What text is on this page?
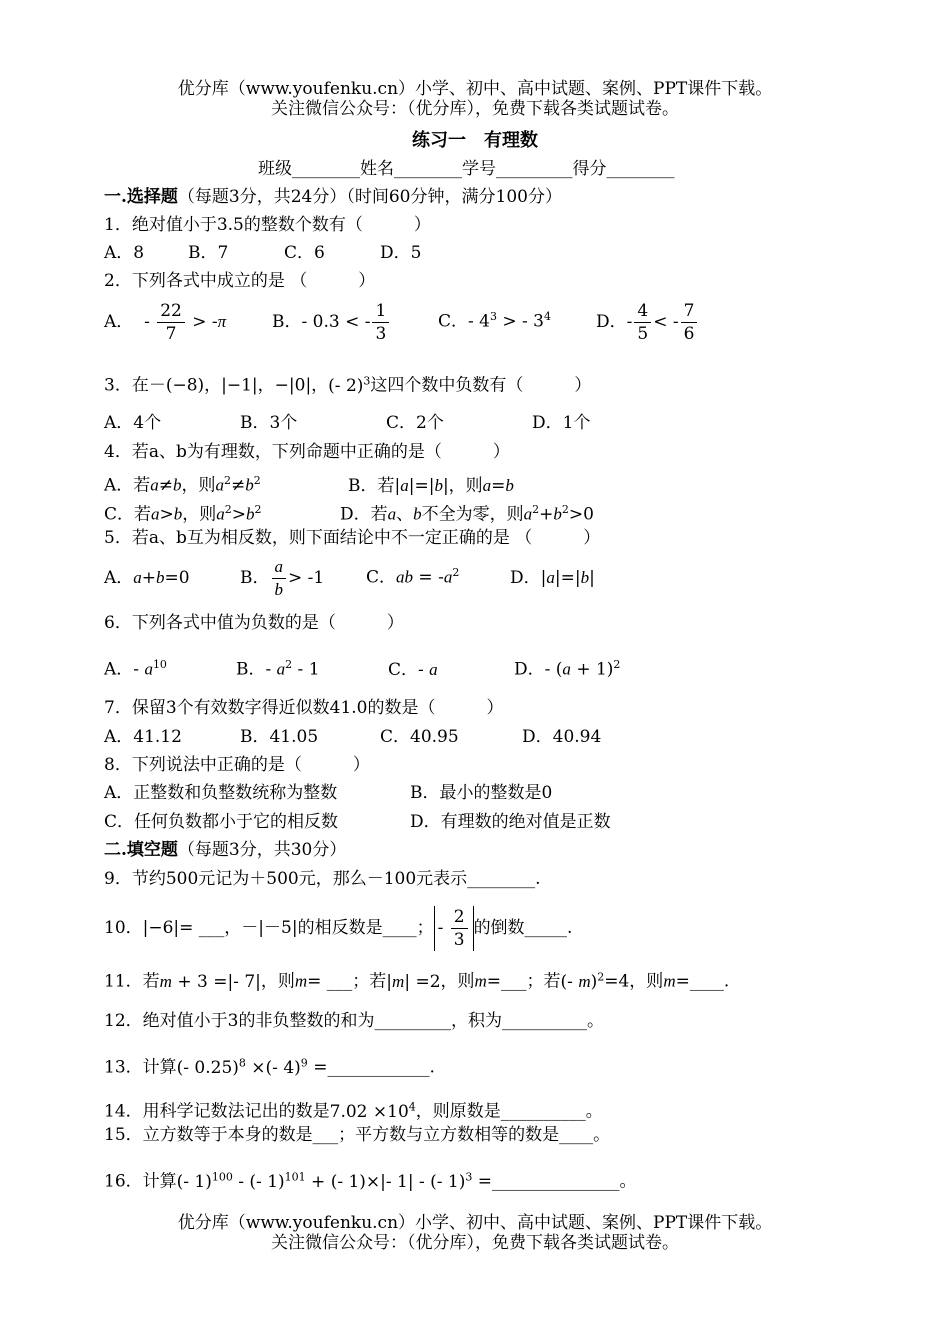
优分库（www.youfenku.cn）小学、初中、高中试题、案例、PPT课件下载。
关注微信公众号：（优分库），免费下载各类试题试卷。
练习一　有理数
班级________姓名________学号_________得分________
一.选择题（每题3分，共24分）（时间60分钟，满分100分）
1．绝对值小于3.5的整数个数有（　　　）
A．8	B．7	C．6	D．5
2．下列各式中成立的是 （　　　）
A．  - $\frac{22}{7} > -\pi$	B．- 0.3 < - $\frac{1}{3}$	C．- $4^3$ > - $3^4$	D．- $\frac{4}{5}$ < - $\frac{7}{6}$
3．在－(−8)，|−1|，−|0|，(- 2)$^3$这四个数中负数有（　　　）
A．4个	B．3个	C．2个	D．1个
4．若a、b为有理数，下列命题中正确的是（　　　）
A．若a≠b，则$a^2\ne b^2$	B．若|a|=|b|，则a=b
C．若a>b，则$a^2>b^2$	D．若a、b不全为零，则$a^2+b^2>0$
5．若a、b互为相反数，则下面结论中不一定正确的是 （　　　）
A．a+b=0	B． $\frac{a}{b} > -1$ C．ab = $-a^2$	D．|a|=|b|
6．下列各式中值为负数的是（　　　）
A．- $a^{10}$	B．- $a^2 - 1$	C．- a	D．- $(a + 1)^2$
7．保留3个有效数字得近似数41.0的数是（　　　）
A．41.12	B．41.05	C．40.95	D．40.94
8．下列说法中正确的是（　　　）
A．正整数和负整数统称为整数	B．最小的整数是0
C．任何负数都小于它的相反数	D．有理数的绝对值是正数
二.填空题（每题3分，共30分）
9．节约500元记为＋500元，那么－100元表示________.
10．|−6|= ___，－|－5|的相反数是____； - $\frac{2}{3}$ 的倒数_____.
11．若m + 3 =|- 7|，则m= ___；若|m| =2，则m=___；若(- m)$^2$=4，则m=____.
12．绝对值小于3的非负整数的和为_________，积为__________。
13．计算(- 0.25)$^8$ ×(- 4)$^9$ =____________.
14．用科学记数法记出的数是$7.02 \times 10^4$，则原数是__________。
15．立方数等于本身的数是___；平方数与立方数相等的数是____。
16．计算(- 1)$^{100}$ - (- 1)$^{101}$ + (- 1)×|- 1| - (- 1)$^3$ =_______________。
优分库（www.youfenku.cn）小学、初中、高中试题、案例、PPT课件下载。
关注微信公众号：（优分库），免费下载各类试题试卷。
